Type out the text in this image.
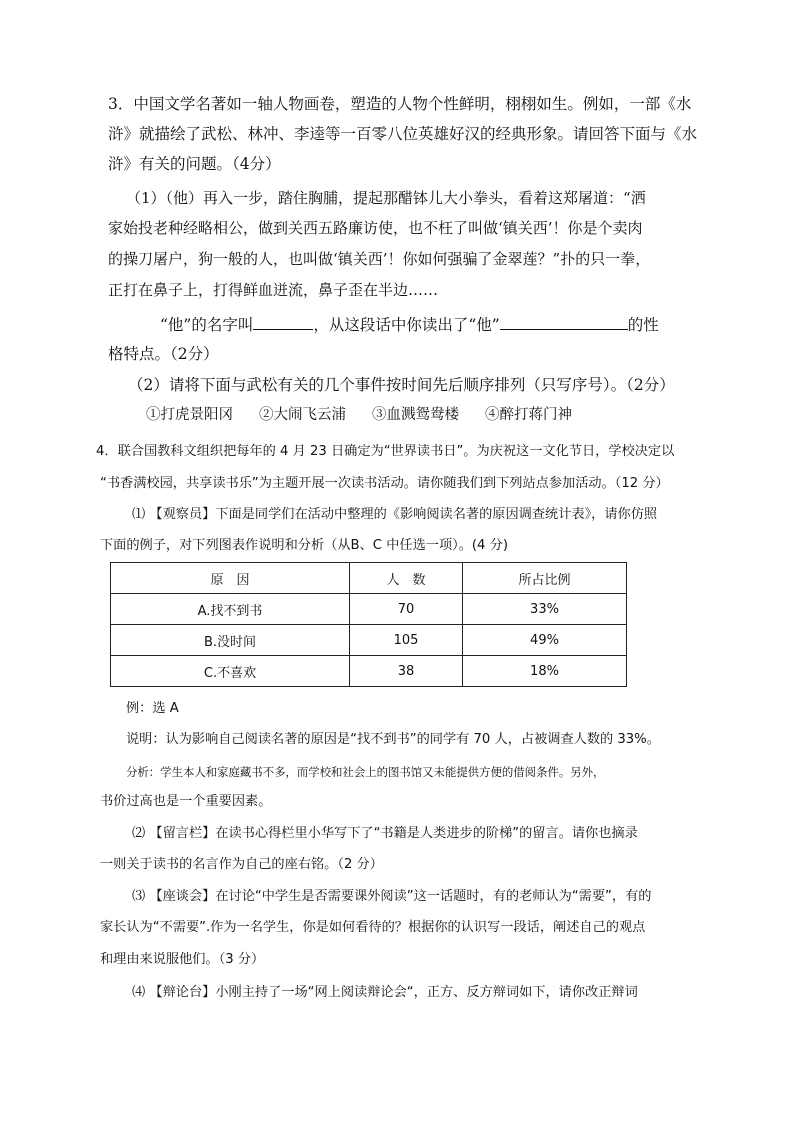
3．中国文学名著如一轴人物画卷，塑造的人物个性鲜明，栩栩如生。例如，一部《水
浒》就描绘了武松、林冲、李逵等一百零八位英雄好汉的经典形象。请回答下面与《水
浒》有关的问题。（4分）
（1）（他）再入一步，踏住胸脯，提起那醋钵儿大小拳头，看着这郑屠道：“洒
家始投老种经略相公，做到关西五路廉访使，也不枉了叫做‘镇关西’！你是个卖肉
的操刀屠户，狗一般的人，也叫做‘镇关西’！你如何强骗了金翠莲？”扑的只一拳，
正打在鼻子上，打得鲜血迸流，鼻子歪在半边……
“他”的名字叫	，从这段话中你读出了“他”	的性
格特点。（2分）
（2）请将下面与武松有关的几个事件按时间先后顺序排列（只写序号）。（2分）
①打虎景阳冈 ②大闹飞云浦 ③血溅鸳鸯楼 ④醉打蒋门神
4．联合国教科文组织把每年的 4 月 23 日确定为“世界读书日”。为庆祝这一文化节日，学校决定以
“书香满校园，共享读书乐”为主题开展一次读书活动。请你随我们到下列站点参加活动。（12 分）
⑴ 【观察员】下面是同学们在活动中整理的《影响阅读名著的原因调查统计表》，请你仿照
下面的例子，对下列图表作说明和分析（从B、C 中任选一项）。(4 分)
原　因	人　数	所占比例
A.找不到书	70	33%
B.没时间	105	49%
C.不喜欢	38	18%
例：选 A
说明：认为影响自己阅读名著的原因是“找不到书”的同学有 70 人，占被调查人数的 33%。
分析：学生本人和家庭藏书不多，而学校和社会上的图书馆又未能提供方便的借阅条件。另外，
书价过高也是一个重要因素。
⑵ 【留言栏】在读书心得栏里小华写下了“书籍是人类进步的阶梯”的留言。请你也摘录
一则关于读书的名言作为自己的座右铭。（2 分）
⑶ 【座谈会】在讨论“中学生是否需要课外阅读”这一话题时，有的老师认为“需要”，有的
家长认为“不需要”.作为一名学生，你是如何看待的？根据你的认识写一段话，阐述自己的观点
和理由来说服他们。（3 分）
⑷ 【辩论台】小刚主持了一场“网上阅读辩论会“，正方、反方辩词如下，请你改正辩词
